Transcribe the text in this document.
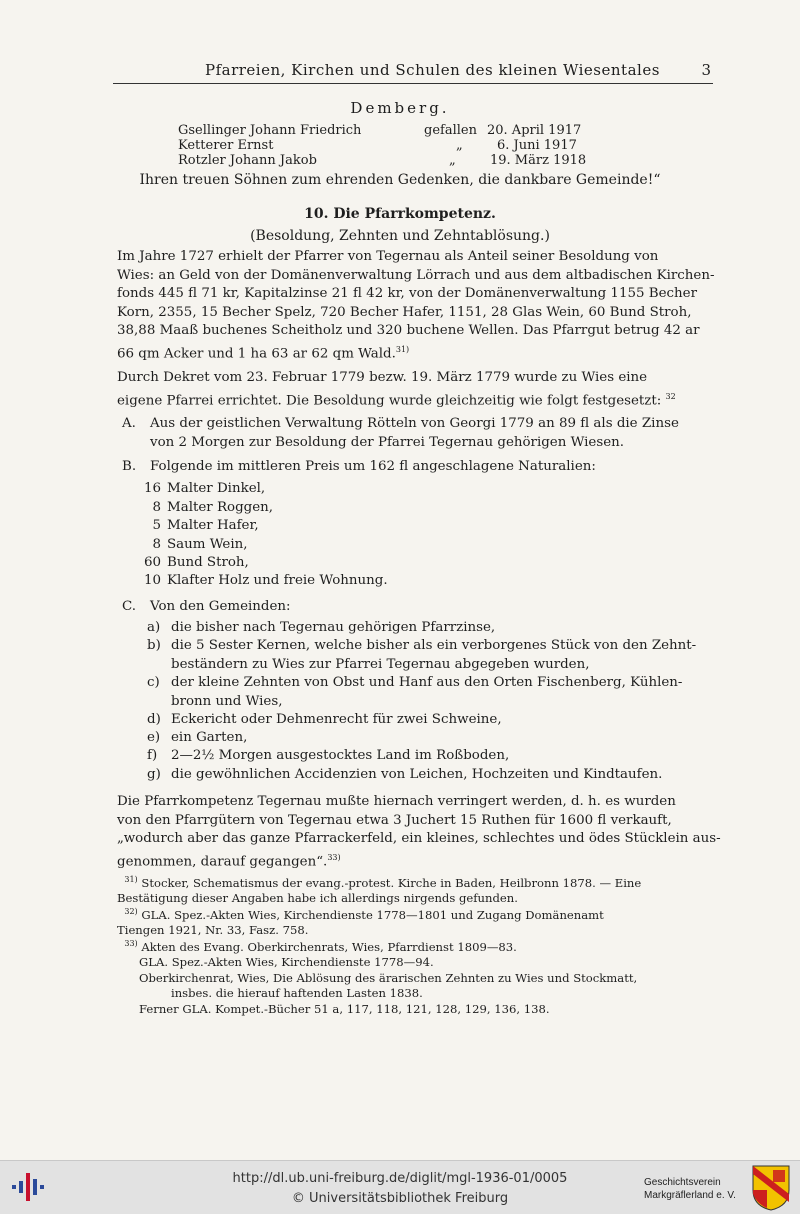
Pfarreien, Kirchen und Schulen des kleinen Wiesentales	3
Demberg.
Gsellinger Johann Friedrich	gefallen 20. April 1917
Ketterer Ernst	„	6. Juni 1917
Rotzler Johann Jakob	„	19. März 1918
Ihren treuen Söhnen zum ehrenden Gedenken, die dankbare Gemeinde!“
10. Die Pfarrkompetenz.
(Besoldung, Zehnten und Zehntablösung.)
Im Jahre 1727 erhielt der Pfarrer von Tegernau als Anteil seiner Besoldung von
Wies: an Geld von der Domänenverwaltung Lörrach und aus dem altbadischen Kirchen-
fonds 445 fl 71 kr, Kapitalzinse 21 fl 42 kr, von der Domänenverwaltung 1155 Becher
Korn, 2355, 15 Becher Spelz, 720 Becher Hafer, 1151, 28 Glas Wein, 60 Bund Stroh,
38,88 Maaß buchenes Scheitholz und 320 buchene Wellen. Das Pfarrgut betrug 42 ar
66 qm Acker und 1 ha 63 ar 62 qm Wald.$^{31)}$
Durch Dekret vom 23. Februar 1779 bezw. 19. März 1779 wurde zu Wies eine
eigene Pfarrei errichtet. Die Besoldung wurde gleichzeitig wie folgt festgesetzt: $^{32}$
A. Aus der geistlichen Verwaltung Rötteln von Georgi 1779 an 89 fl als die Zinse
von 2 Morgen zur Besoldung der Pfarrei Tegernau gehörigen Wiesen.
B. Folgende im mittleren Preis um 162 fl angeschlagene Naturalien:
16 Malter Dinkel,
8 Malter Roggen,
5 Malter Hafer,
8 Saum Wein,
60 Bund Stroh,
10 Klafter Holz und freie Wohnung.
C. Von den Gemeinden:
a) die bisher nach Tegernau gehörigen Pfarrzinse,
b) die 5 Sester Kernen, welche bisher als ein verborgenes Stück von den Zehnt-
beständern zu Wies zur Pfarrei Tegernau abgegeben wurden,
c) der kleine Zehnten von Obst und Hanf aus den Orten Fischenberg, Kühlen-
bronn und Wies,
d) Eckericht oder Dehmenrecht für zwei Schweine,
e) ein Garten,
f) 2—2½ Morgen ausgestocktes Land im Roßboden,
g) die gewöhnlichen Accidenzien von Leichen, Hochzeiten und Kindtaufen.
Die Pfarrkompetenz Tegernau mußte hiernach verringert werden, d. h. es wurden
von den Pfarrgütern von Tegernau etwa 3 Juchert 15 Ruthen für 1600 fl verkauft,
„wodurch aber das ganze Pfarrackerfeld, ein kleines, schlechtes und ödes Stücklein aus-
genommen, darauf gegangen“.$^{33)}$
$^{31)}$ Stocker, Schematismus der evang.-protest. Kirche in Baden, Heilbronn 1878. — Eine
Bestätigung dieser Angaben habe ich allerdings nirgends gefunden.
$^{32)}$ GLA. Spez.-Akten Wies, Kirchendienste 1778—1801 und Zugang Domänenamt
Tiengen 1921, Nr. 33, Fasz. 758.
$^{33)}$ Akten des Evang. Oberkirchenrats, Wies, Pfarrdienst 1809—83.
GLA. Spez.-Akten Wies, Kirchendienste 1778—94.
Oberkirchenrat, Wies, Die Ablösung des ärarischen Zehnten zu Wies und Stockmatt,
insbes. die hierauf haftenden Lasten 1838.
Ferner GLA. Kompet.-Bücher 51 a, 117, 118, 121, 128, 129, 136, 138.
http://dl.ub.uni-freiburg.de/diglit/mgl-1936-01/0005
© Universitätsbibliothek Freiburg
Geschichtsverein
Markgräflerland e. V.
